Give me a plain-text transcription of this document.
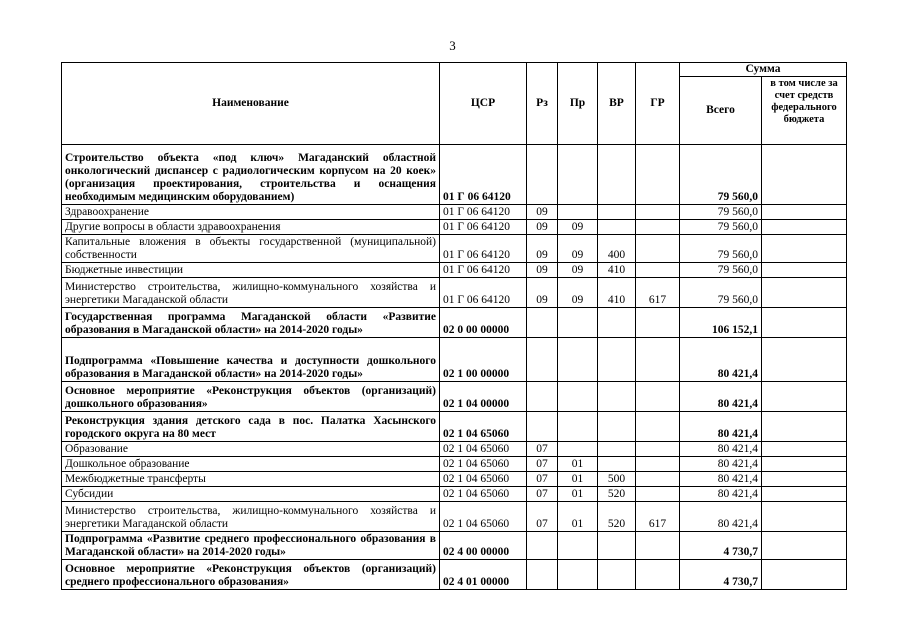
3
Наименование	ЦСР	Рз	Пр	ВР	ГР	Сумма	
						Всего	в том числе за счет средств федерального бюджета
Строительство объекта «под ключ» Магаданский областной онкологический диспансер с радиологическим корпусом на 20 коек» (организация проектирования, строительства и оснащения необходимым медицинским оборудованием)	01 Г 06 64120					79 560,0	
Здравоохранение	01 Г 06 64120	09				79 560,0	
Другие вопросы в области здравоохранения	01 Г 06 64120	09	09			79 560,0	
Капитальные вложения в объекты государственной (муниципальной) собственности	01 Г 06 64120	09	09	400		79 560,0	
Бюджетные инвестиции	01 Г 06 64120	09	09	410		79 560,0	
Министерство строительства, жилищно-коммунального хозяйства и энергетики Магаданской области	01 Г 06 64120	09	09	410	617	79 560,0	
Государственная программа Магаданской области «Развитие образования в Магаданской области» на 2014-2020 годы»	02 0 00 00000					106 152,1	
Подпрограмма «Повышение качества и доступности дошкольного образования в Магаданской области» на 2014-2020 годы»	02 1 00 00000					80 421,4	
Основное мероприятие «Реконструкция объектов (организаций) дошкольного образования»	02 1 04 00000					80 421,4	
Реконструкция здания детского сада в пос. Палатка Хасынского городского округа на 80 мест	02 1 04 65060					80 421,4	
Образование	02 1 04 65060	07				80 421,4	
Дошкольное образование	02 1 04 65060	07	01			80 421,4	
Межбюджетные трансферты	02 1 04 65060	07	01	500		80 421,4	
Субсидии	02 1 04 65060	07	01	520		80 421,4	
Министерство строительства, жилищно-коммунального хозяйства и энергетики Магаданской области	02 1 04 65060	07	01	520	617	80 421,4	
Подпрограмма «Развитие среднего профессионального образования в Магаданской области» на 2014-2020 годы»	02 4 00 00000					4 730,7	
Основное мероприятие «Реконструкция объектов (организаций) среднего профессионального образования»	02 4 01 00000					4 730,7	
